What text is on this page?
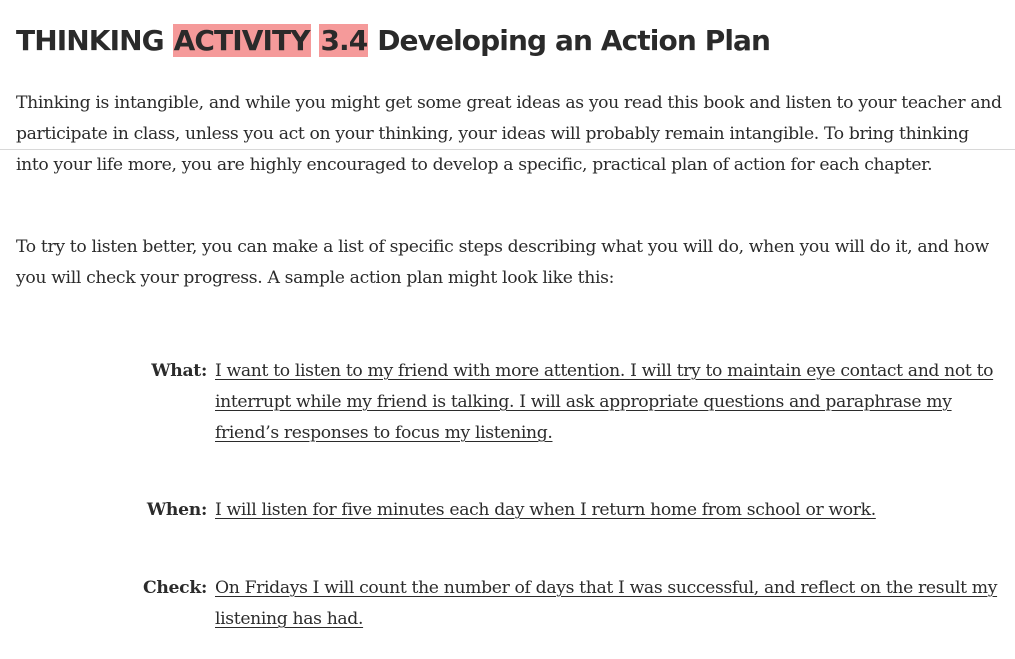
THINKING ACTIVITY 3.4 Developing an Action Plan

Thinking is intangible, and while you might get some great ideas as you read this book and listen to your teacher and participate in class, unless you act on your thinking, your ideas will probably remain intangible. To bring thinking into your life more, you are highly encouraged to develop a specific, practical plan of action for each chapter.

To try to listen better, you can make a list of specific steps describing what you will do, when you will do it, and how you will check your progress. A sample action plan might look like this:

What: I want to listen to my friend with more attention. I will try to maintain eye contact and not to interrupt while my friend is talking. I will ask appropriate questions and paraphrase my friend’s responses to focus my listening.
When: I will listen for five minutes each day when I return home from school or work.
Check: On Fridays I will count the number of days that I was successful, and reflect on the result my listening has had.
